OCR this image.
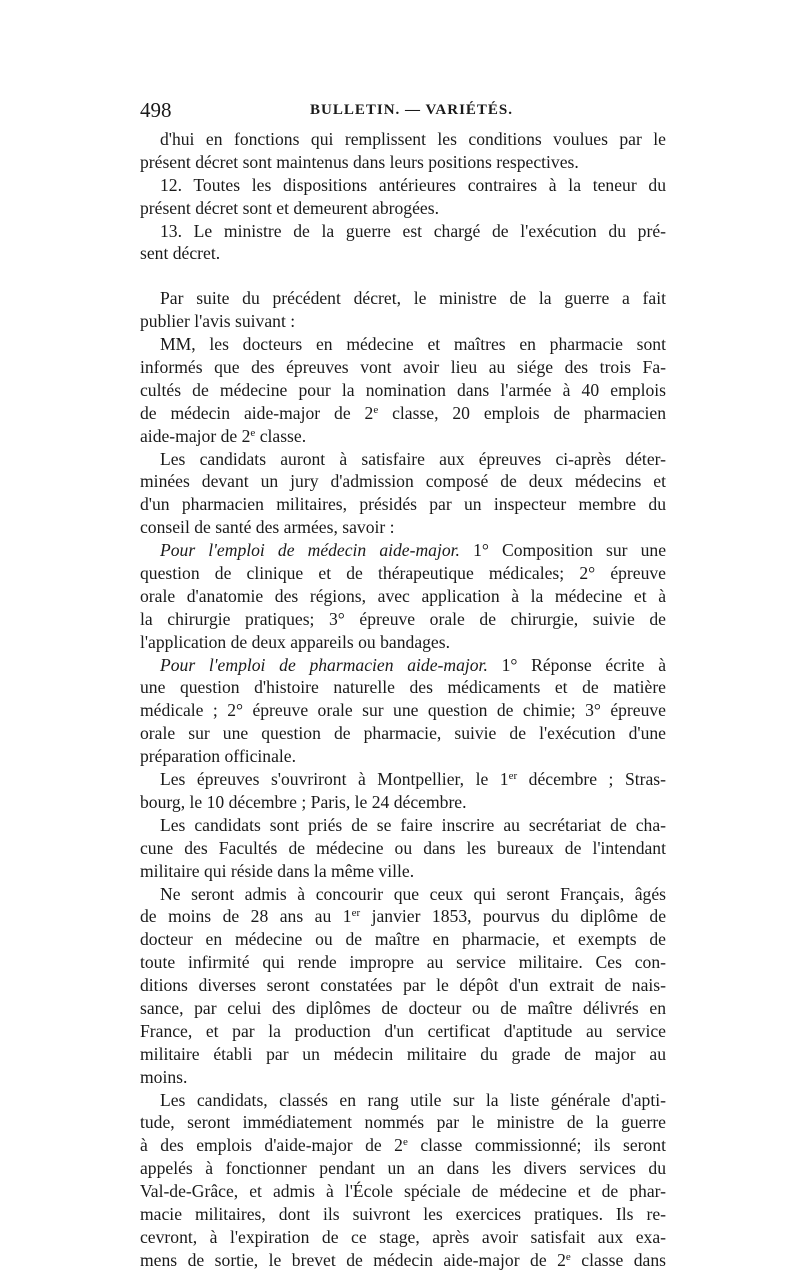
498	BULLETIN. — VARIÉTÉS.
d'hui en fonctions qui remplissent les conditions voulues par le
présent décret sont maintenus dans leurs positions respectives.
12. Toutes les dispositions antérieures contraires à la teneur du
présent décret sont et demeurent abrogées.
13. Le ministre de la guerre est chargé de l'exécution du pré-
sent décret.
Par suite du précédent décret, le ministre de la guerre a fait
publier l'avis suivant :
MM, les docteurs en médecine et maîtres en pharmacie sont
informés que des épreuves vont avoir lieu au siége des trois Fa-
cultés de médecine pour la nomination dans l'armée à 40 emplois
de médecin aide-major de 2e classe, 20 emplois de pharmacien
aide-major de 2e classe.
Les candidats auront à satisfaire aux épreuves ci-après déter-
minées devant un jury d'admission composé de deux médecins et
d'un pharmacien militaires, présidés par un inspecteur membre du
conseil de santé des armées, savoir :
Pour l'emploi de médecin aide-major. 1° Composition sur une
question de clinique et de thérapeutique médicales; 2° épreuve
orale d'anatomie des régions, avec application à la médecine et à
la chirurgie pratiques; 3° épreuve orale de chirurgie, suivie de
l'application de deux appareils ou bandages.
Pour l'emploi de pharmacien aide-major. 1° Réponse écrite à
une question d'histoire naturelle des médicaments et de matière
médicale ; 2° épreuve orale sur une question de chimie; 3° épreuve
orale sur une question de pharmacie, suivie de l'exécution d'une
préparation officinale.
Les épreuves s'ouvriront à Montpellier, le 1er décembre ; Stras-
bourg, le 10 décembre ; Paris, le 24 décembre.
Les candidats sont priés de se faire inscrire au secrétariat de cha-
cune des Facultés de médecine ou dans les bureaux de l'intendant
militaire qui réside dans la même ville.
Ne seront admis à concourir que ceux qui seront Français, âgés
de moins de 28 ans au 1er janvier 1853, pourvus du diplôme de
docteur en médecine ou de maître en pharmacie, et exempts de
toute infirmité qui rende impropre au service militaire. Ces con-
ditions diverses seront constatées par le dépôt d'un extrait de nais-
sance, par celui des diplômes de docteur ou de maître délivrés en
France, et par la production d'un certificat d'aptitude au service
militaire établi par un médecin militaire du grade de major au
moins.
Les candidats, classés en rang utile sur la liste générale d'apti-
tude, seront immédiatement nommés par le ministre de la guerre
à des emplois d'aide-major de 2e classe commissionné; ils seront
appelés à fonctionner pendant un an dans les divers services du
Val-de-Grâce, et admis à l'École spéciale de médecine et de phar-
macie militaires, dont ils suivront les exercices pratiques. Ils re-
cevront, à l'expiration de ce stage, après avoir satisfait aux exa-
mens de sortie, le brevet de médecin aide-major de 2e classe dans
